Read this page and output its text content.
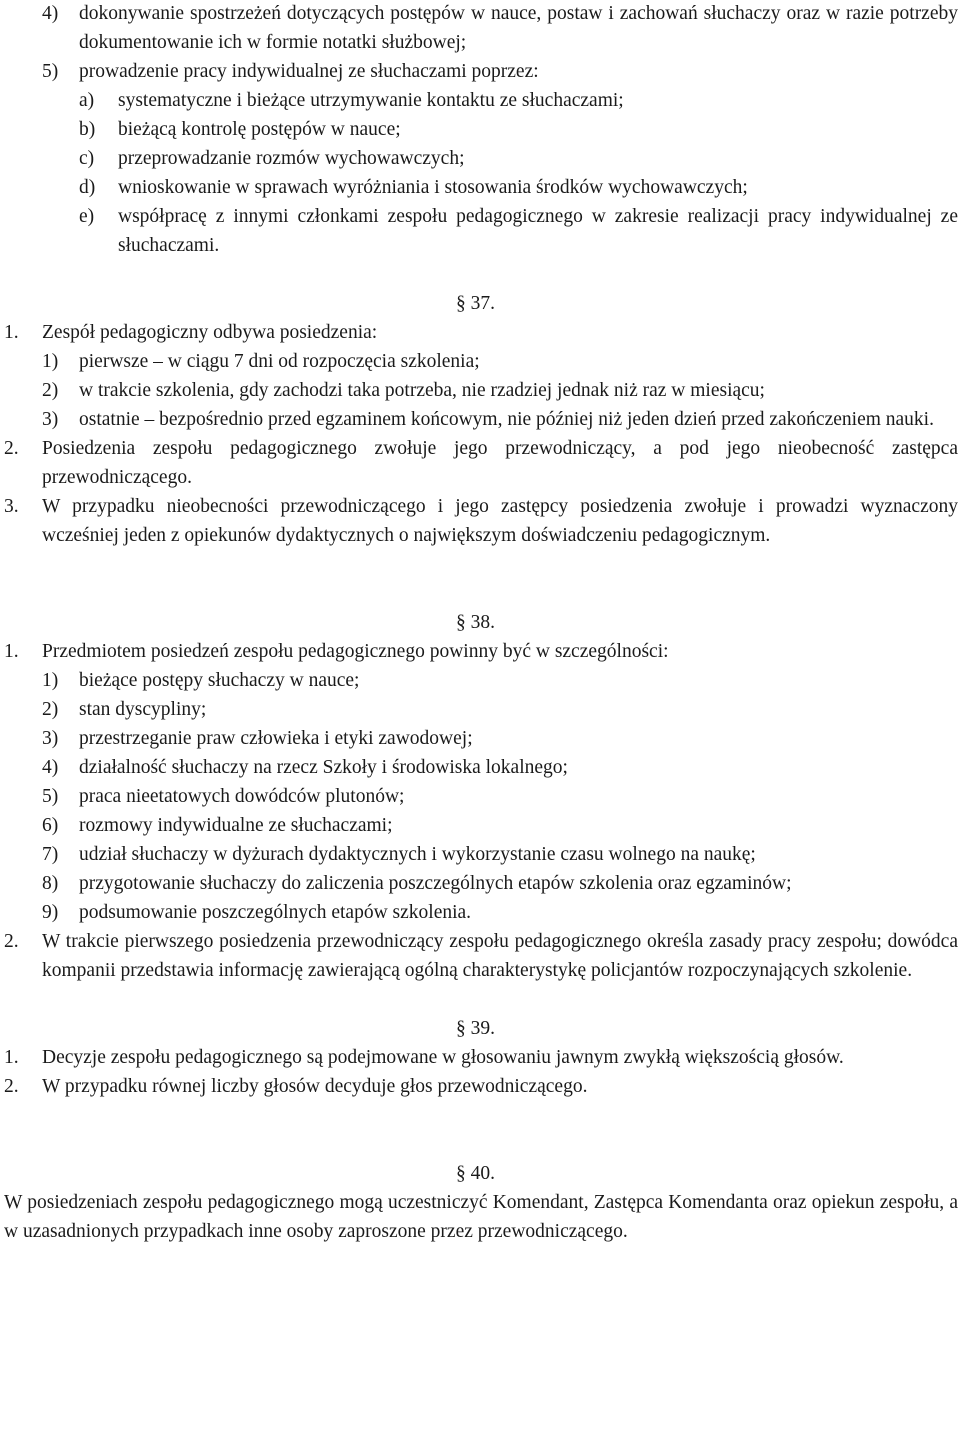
4) dokonywanie spostrzeżeń dotyczących postępów w nauce, postaw i zachowań słuchaczy oraz w razie potrzeby dokumentowanie ich w formie notatki służbowej;
5) prowadzenie pracy indywidualnej ze słuchaczami poprzez:
a) systematyczne i bieżące utrzymywanie kontaktu ze słuchaczami;
b) bieżącą kontrolę postępów w nauce;
c) przeprowadzanie rozmów wychowawczych;
d) wnioskowanie w sprawach wyróżniania i stosowania środków wychowawczych;
e) współpracę z innymi członkami zespołu pedagogicznego w zakresie realizacji pracy indywidualnej ze słuchaczami.
§ 37.
1. Zespół pedagogiczny odbywa posiedzenia:
1) pierwsze – w ciągu 7 dni od rozpoczęcia szkolenia;
2) w trakcie szkolenia, gdy zachodzi taka potrzeba, nie rzadziej jednak niż raz w miesiącu;
3) ostatnie – bezpośrednio przed egzaminem końcowym, nie później niż jeden dzień przed zakończeniem nauki.
2. Posiedzenia zespołu pedagogicznego zwołuje jego przewodniczący, a pod jego nieobecność zastępca przewodniczącego.
3. W przypadku nieobecności przewodniczącego i jego zastępcy posiedzenia zwołuje i prowadzi wyznaczony wcześniej jeden z opiekunów dydaktycznych o największym doświadczeniu pedagogicznym.
§ 38.
1. Przedmiotem posiedzeń zespołu pedagogicznego powinny być w szczególności:
1) bieżące postępy słuchaczy w nauce;
2) stan dyscypliny;
3) przestrzeganie praw człowieka i etyki zawodowej;
4) działalność słuchaczy na rzecz Szkoły i środowiska lokalnego;
5) praca nieetatowych dowódców plutonów;
6) rozmowy indywidualne ze słuchaczami;
7) udział słuchaczy w dyżurach dydaktycznych i wykorzystanie czasu wolnego na naukę;
8) przygotowanie słuchaczy do zaliczenia poszczególnych etapów szkolenia oraz egzaminów;
9) podsumowanie poszczególnych etapów szkolenia.
2. W trakcie pierwszego posiedzenia przewodniczący zespołu pedagogicznego określa zasady pracy zespołu; dowódca kompanii przedstawia informację zawierającą ogólną charakterystykę policjantów rozpoczynających szkolenie.
§ 39.
1. Decyzje zespołu pedagogicznego są podejmowane w głosowaniu jawnym zwykłą większością głosów.
2. W przypadku równej liczby głosów decyduje głos przewodniczącego.
§ 40.
W posiedzeniach zespołu pedagogicznego mogą uczestniczyć Komendant, Zastępca Komendanta oraz opiekun zespołu, a w uzasadnionych przypadkach inne osoby zaproszone przez przewodniczącego.
